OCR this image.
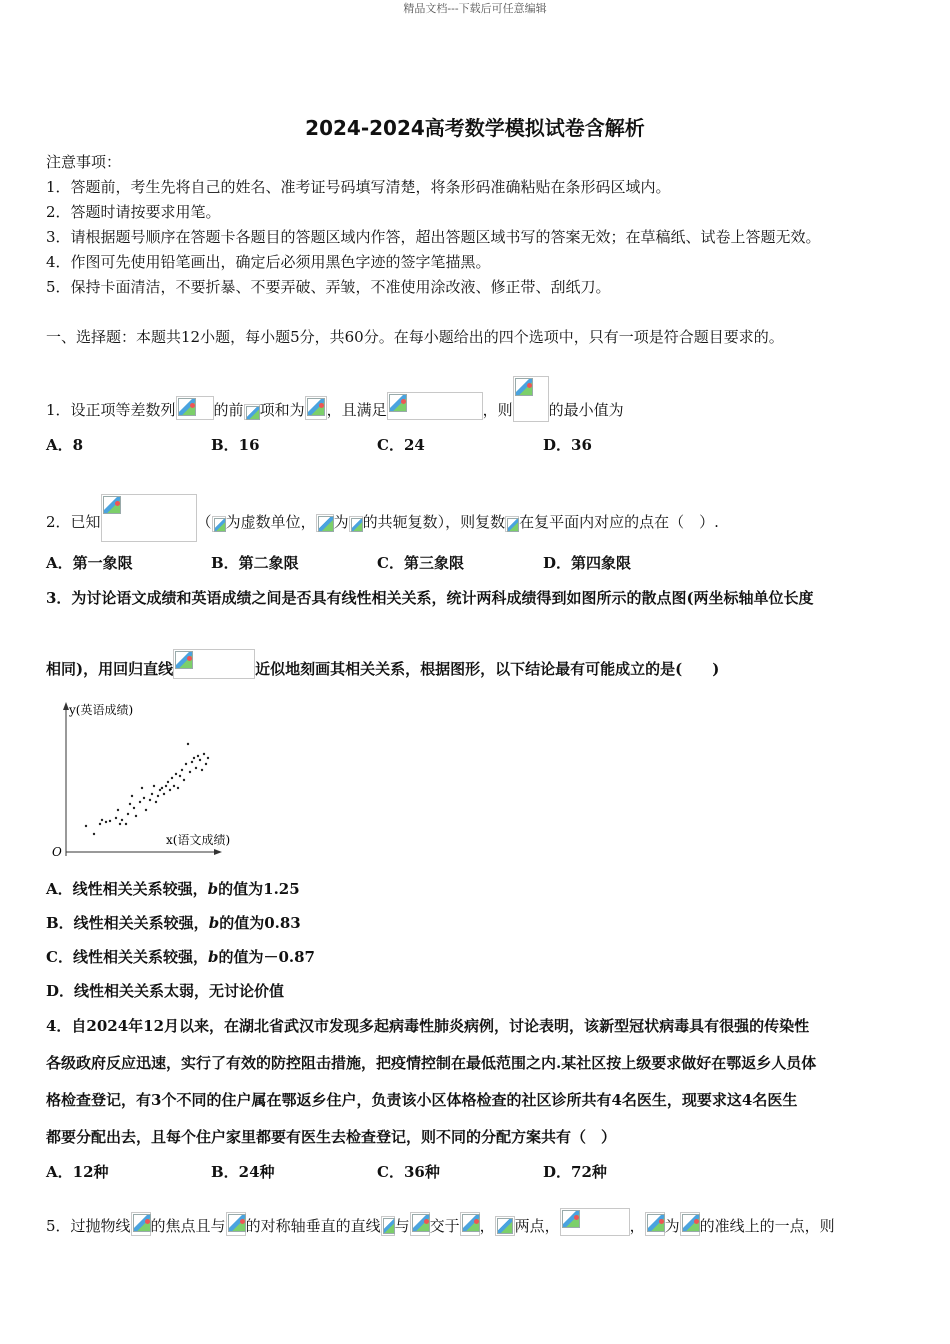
精品文档---下载后可任意编辑
2024-2024高考数学模拟试卷含解析
注意事项：
1．答题前，考生先将自己的姓名、准考证号码填写清楚，将条形码准确粘贴在条形码区域内。
2．答题时请按要求用笔。
3．请根据题号顺序在答题卡各题目的答题区域内作答，超出答题区域书写的答案无效；在草稿纸、试卷上答题无效。
4．作图可先使用铅笔画出，确定后必须用黑色字迹的签字笔描黑。
5．保持卡面清洁，不要折暴、不要弄破、弄皱，不准使用涂改液、修正带、刮纸刀。
一、选择题：本题共12小题，每小题5分，共60分。在每小题给出的四个选项中，只有一项是符合题目要求的。
1．设正项等差数列	的前 项和为 ，且满足	，则 的最小值为
A．8	B．16	C．24	D．36
2．已知	（ 为虚数单位， 为 的共轭复数），则复数 在复平面内对应的点在（　）.
A．第一象限	B．第二象限	C．第三象限	D．第四象限
3．为讨论语文成绩和英语成绩之间是否具有线性相关关系，统计两科成绩得到如图所示的散点图(两坐标轴单位长度
相同)，用回归直线	近似地刻画其相关关系，根据图形，以下结论最有可能成立的是(　　)
y(英语成绩)
x(语文成绩)
O
A．线性相关关系较强，b的值为1.25
B．线性相关关系较强，b的值为0.83
C．线性相关关系较强，b的值为－0.87
D．线性相关关系太弱，无讨论价值
4．自2024年12月以来，在湖北省武汉市发现多起病毒性肺炎病例，讨论表明，该新型冠状病毒具有很强的传染性
各级政府反应迅速，实行了有效的防控阻击措施，把疫情控制在最低范围之内.某社区按上级要求做好在鄂返乡人员体
格检查登记，有3个不同的住户属在鄂返乡住户，负责该小区体格检查的社区诊所共有4名医生，现要求这4名医生
都要分配出去，且每个住户家里都要有医生去检查登记，则不同的分配方案共有（　）
A．12种	B．24种	C．36种	D．72种
5．过抛物线 的焦点且与 的对称轴垂直的直线 与 交于 ， 两点，	， 为 的准线上的一点，则
